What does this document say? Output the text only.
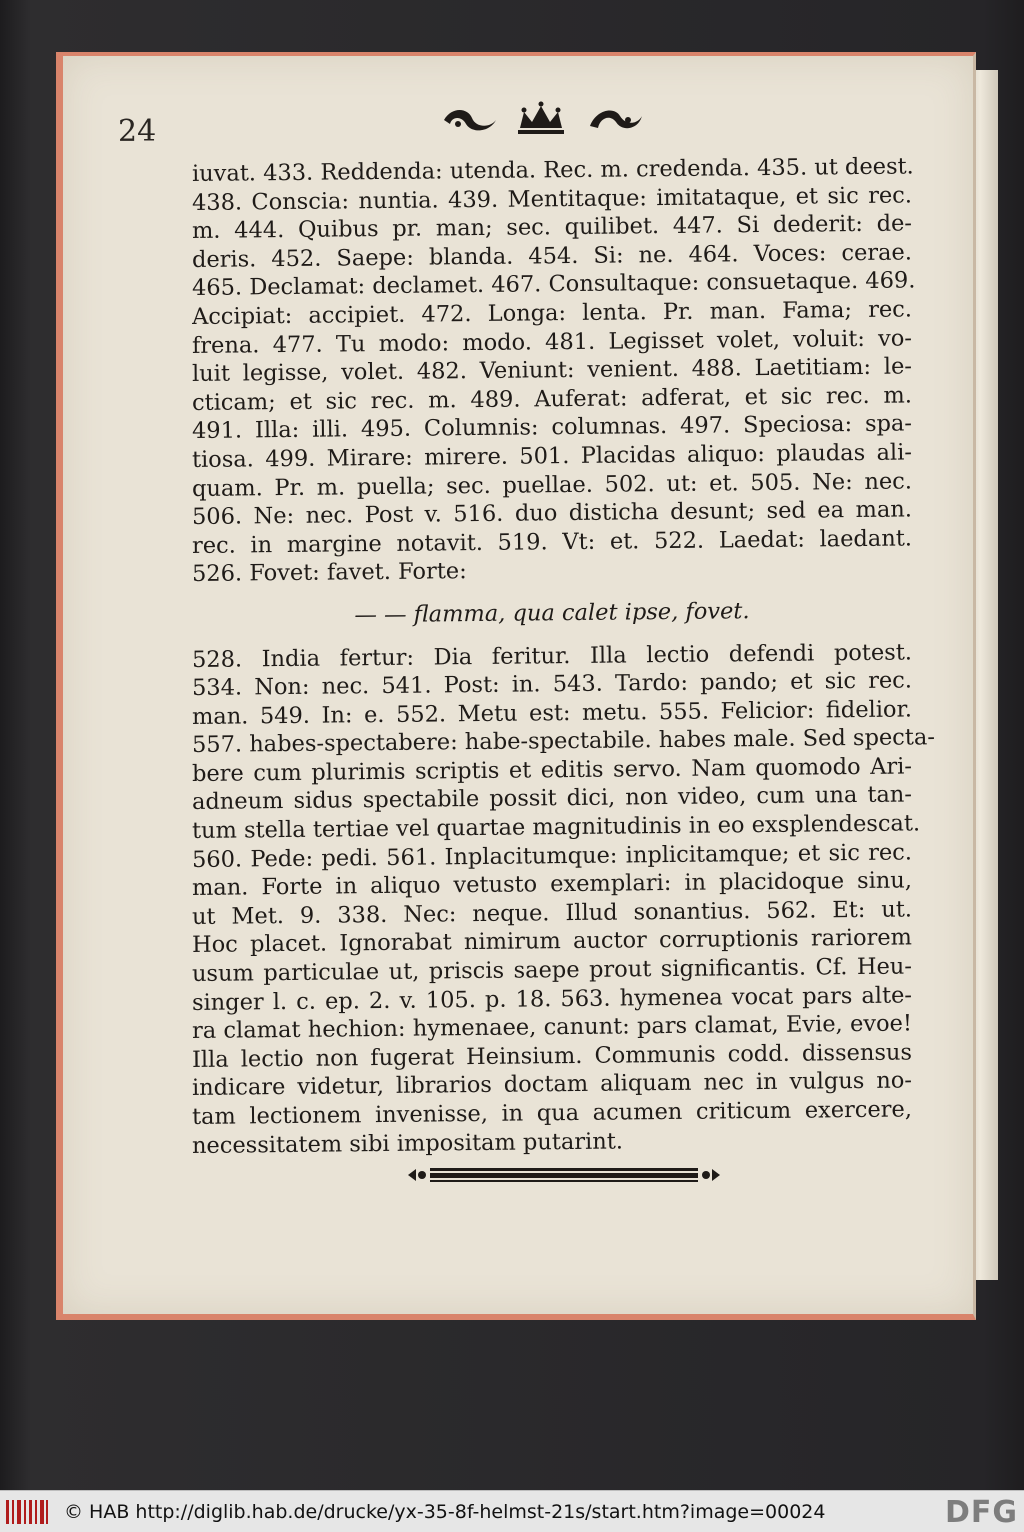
24
iuvat. 433. Reddenda: utenda. Rec. m. credenda. 435. ut deest.
438. Conscia: nuntia. 439. Mentitaque: imitataque, et sic rec.
m. 444. Quibus pr. man; sec. quilibet. 447. Si dederit: de-
deris. 452. Saepe: blanda. 454. Si: ne. 464. Voces: cerae.
465. Declamat: declamet. 467. Consultaque: consuetaque. 469.
Accipiat: accipiet. 472. Longa: lenta. Pr. man. Fama; rec.
frena. 477. Tu modo: modo. 481. Legisset volet, voluit: vo-
luit legisse, volet. 482. Veniunt: venient. 488. Laetitiam: le-
cticam; et sic rec. m. 489. Auferat: adferat, et sic rec. m.
491. Illa: illi. 495. Columnis: columnas. 497. Speciosa: spa-
tiosa. 499. Mirare: mirere. 501. Placidas aliquo: plaudas ali-
quam. Pr. m. puella; sec. puellae. 502. ut: et. 505. Ne: nec.
506. Ne: nec. Post v. 516. duo disticha desunt; sed ea man.
rec. in margine notavit. 519. Vt: et. 522. Laedat: laedant.
526. Fovet: favet. Forte:
— — flamma, qua calet ipse, fovet.
528. India fertur: Dia feritur. Illa lectio defendi potest.
534. Non: nec. 541. Post: in. 543. Tardo: pando; et sic rec.
man. 549. In: e. 552. Metu est: metu. 555. Felicior: fidelior.
557. habes-spectabere: habe-spectabile. habes male. Sed specta-
bere cum plurimis scriptis et editis servo. Nam quomodo Ari-
adneum sidus spectabile possit dici, non video, cum una tan-
tum stella tertiae vel quartae magnitudinis in eo exsplendescat.
560. Pede: pedi. 561. Inplacitumque: inplicitamque; et sic rec.
man. Forte in aliquo vetusto exemplari: in placidoque sinu,
ut Met. 9. 338. Nec: neque. Illud sonantius. 562. Et: ut.
Hoc placet. Ignorabat nimirum auctor corruptionis rariorem
usum particulae ut, priscis saepe prout significantis. Cf. Heu-
singer l. c. ep. 2. v. 105. p. 18. 563. hymenea vocat pars alte-
ra clamat hechion: hymenaee, canunt: pars clamat, Evie, evoe!
Illa lectio non fugerat Heinsium. Communis codd. dissensus
indicare videtur, librarios doctam aliquam nec in vulgus no-
tam lectionem invenisse, in qua acumen criticum exercere,
necessitatem sibi impositam putarint.
© HAB http://diglib.hab.de/drucke/yx-35-8f-helmst-21s/start.htm?image=00024	DFG
